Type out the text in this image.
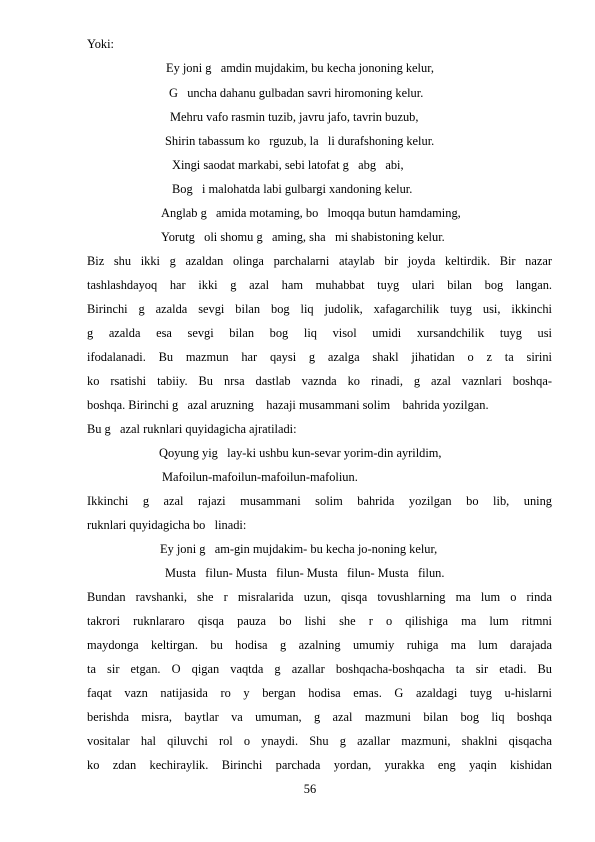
Yoki:
Ey joni g   amdin mujdakim, bu kecha jononing kelur,
G   uncha dahanu gulbadan savri hiromoning kelur.
Mehru vafo rasmin tuzib, javru jafo, tavrin buzub,
Shirin tabassum ko   rguzub, la   li durafshoning kelur.
Xingi saodat markabi, sebi latofat g   abg   abi,
Bog   i malohatda labi gulbargi xandoning kelur.
Anglab g   amida motaming, bo   lmoqqa butun hamdaming,
Yorutg   oli shomu g   aming, sha   mi shabistoning kelur.
Biz shu ikki g azaldan olinga parchalarni ataylab bir joyda keltirdik. Bir nazar
tashlashdayoq har ikki g azal ham muhabbat tuyg ulari bilan bog langan.
Birinchi g azalda sevgi bilan bog liq judolik, xafagarchilik tuyg usi, ikkinchi
g azalda esa sevgi bilan bog liq visol umidi xursandchilik tuyg usi
ifodalanadi. Bu mazmun har qaysi g azalga shakl jihatidan o z ta sirini
ko rsatishi tabiiy. Bu nrsa dastlab vaznda ko rinadi, g azal vaznlari boshqa-
boshqa. Birinchi g   azal aruzning    hazaji musammani solim    bahrida yozilgan.
Bu g   azal ruknlari quyidagicha ajratiladi:
Qoyung yig   lay-ki ushbu kun-sevar yorim-din ayrildim,
Mafoilun-mafoilun-mafoilun-mafoliun.
Ikkinchi g azal rajazi musammani solim bahrida yozilgan bo lib, uning
ruknlari quyidagicha bo   linadi:
Ey joni g   am-gin mujdakim- bu kecha jo-noning kelur,
Musta   filun- Musta   filun- Musta   filun- Musta   filun.
Bundan ravshanki, she r misralarida uzun, qisqa tovushlarning ma lum o rinda
takrori ruknlararo qisqa pauza bo lishi she r o qilishiga ma lum ritmni
maydonga keltirgan. bu hodisa g azalning umumiy ruhiga ma lum darajada
ta sir etgan. O qigan vaqtda g azallar boshqacha-boshqacha ta sir etadi. Bu
faqat vazn natijasida ro y bergan hodisa emas. G azaldagi tuyg u-hislarni
berishda misra, baytlar va umuman, g azal mazmuni bilan bog liq boshqa
vositalar hal qiluvchi rol o ynaydi. Shu g azallar mazmuni, shaklni qisqacha
ko zdan kechiraylik. Birinchi parchada yordan, yurakka eng yaqin kishidan
56
